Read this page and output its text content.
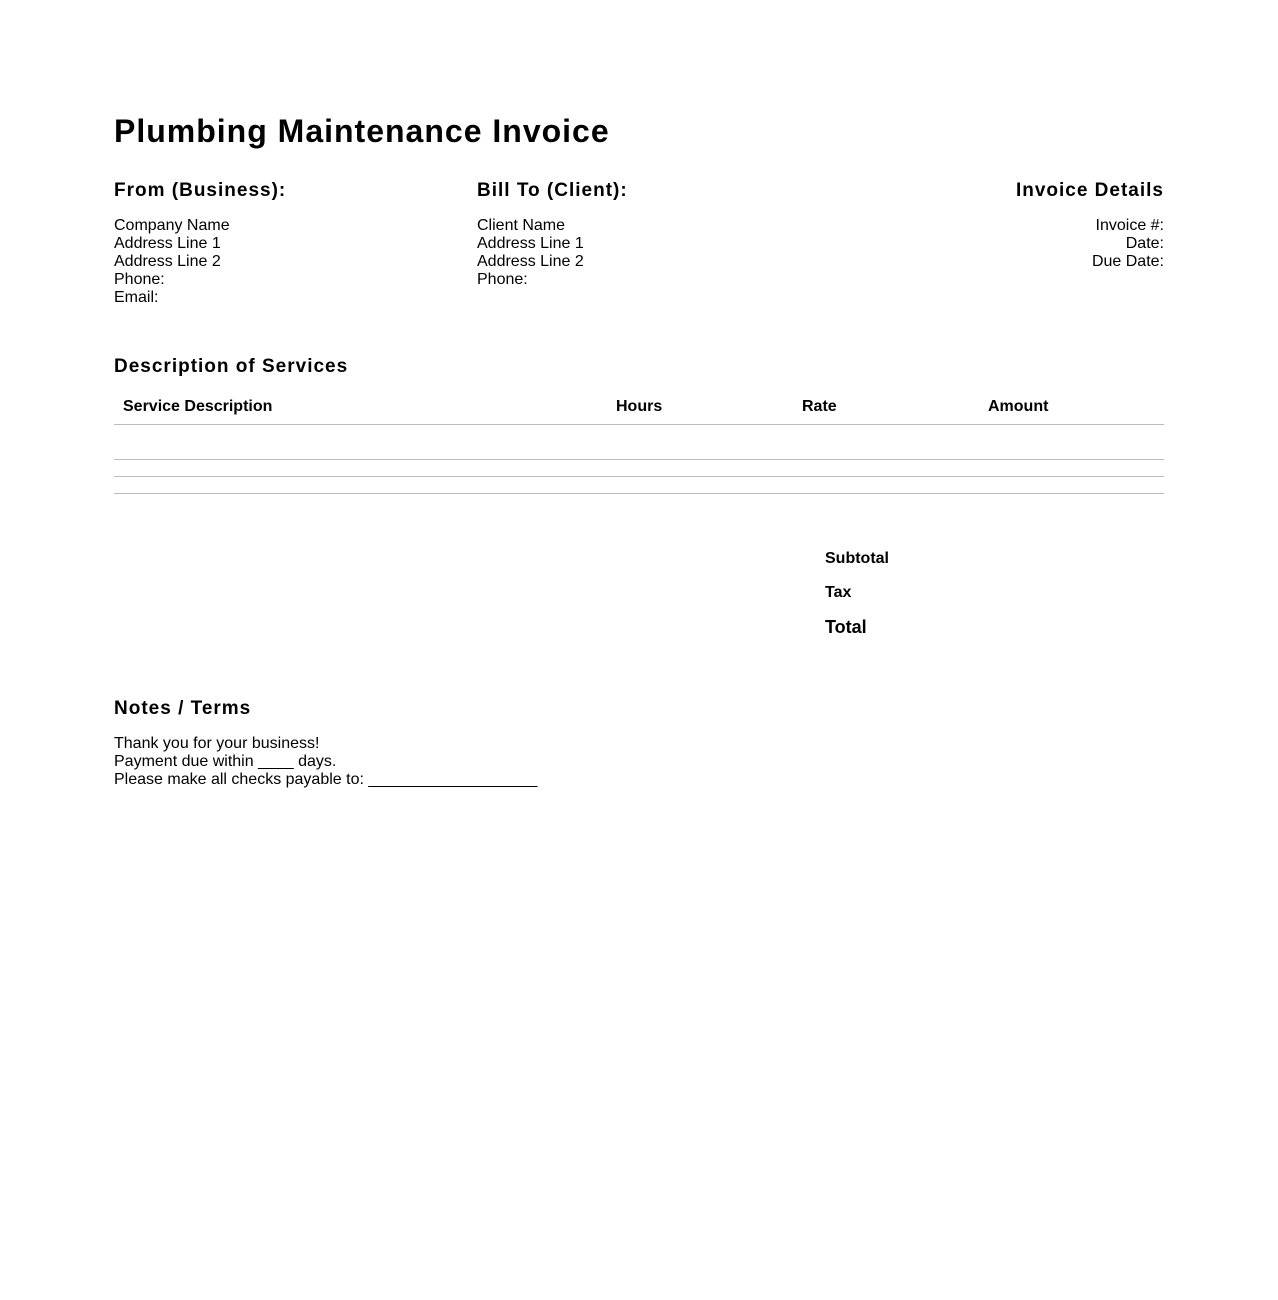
Plumbing Maintenance Invoice
From (Business):
Company Name
Address Line 1
Address Line 2
Phone:
Email:
Bill To (Client):
Client Name
Address Line 1
Address Line 2
Phone:
Invoice Details
Invoice #:
Date:
Due Date:
Description of Services
Service Description	Hours	Rate	Amount

Subtotal
Tax
Total
Notes / Terms
Thank you for your business!
Payment due within ____ days.
Please make all checks payable to: ___________________
